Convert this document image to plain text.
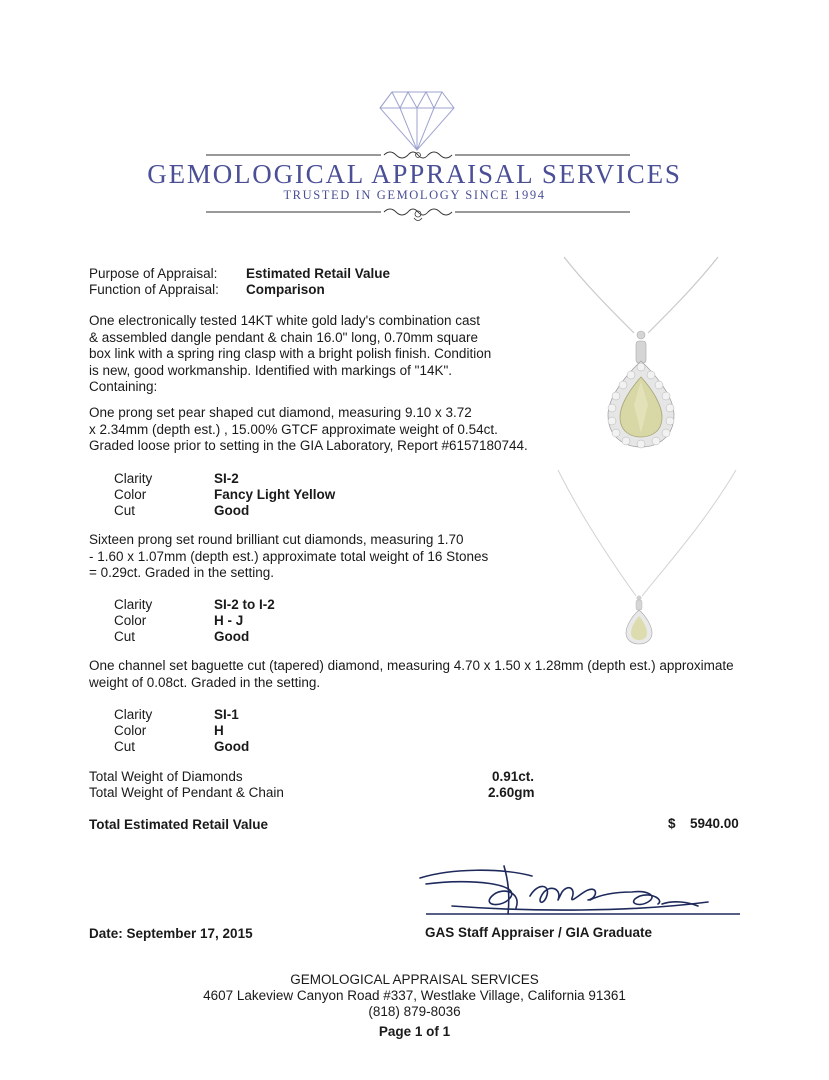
GEMOLOGICAL APPRAISAL SERVICES
TRUSTED IN GEMOLOGY SINCE 1994
Purpose of Appraisal: Estimated Retail Value
Function of Appraisal: Comparison
One electronically tested 14KT white gold lady's combination cast
& assembled dangle pendant & chain 16.0" long, 0.70mm square
box link with a spring ring clasp with a bright polish finish. Condition
is new, good workmanship. Identified with markings of "14K".
Containing:
One prong set pear shaped cut diamond, measuring 9.10 x 3.72
x 2.34mm (depth est.) , 15.00% GTCF approximate weight of 0.54ct.
Graded loose prior to setting in the GIA Laboratory, Report #6157180744.
Clarity	SI-2
Color	Fancy Light Yellow
Cut	Good
Sixteen prong set round brilliant cut diamonds, measuring 1.70
- 1.60 x 1.07mm (depth est.) approximate total weight of 16 Stones
= 0.29ct. Graded in the setting.
Clarity	SI-2 to I-2
Color	H - J
Cut	Good
One channel set baguette cut (tapered) diamond, measuring 4.70 x 1.50 x 1.28mm (depth est.) approximate
weight of 0.08ct. Graded in the setting.
Clarity	SI-1
Color	H
Cut	Good
Total Weight of Diamonds	0.91ct.
Total Weight of Pendant & Chain	2.60gm
Total Estimated Retail Value	$ 5940.00
Date: September 17, 2015	GAS Staff Appraiser / GIA Graduate
GEMOLOGICAL APPRAISAL SERVICES
4607 Lakeview Canyon Road #337, Westlake Village, California 91361
(818) 879-8036
Page 1 of 1
